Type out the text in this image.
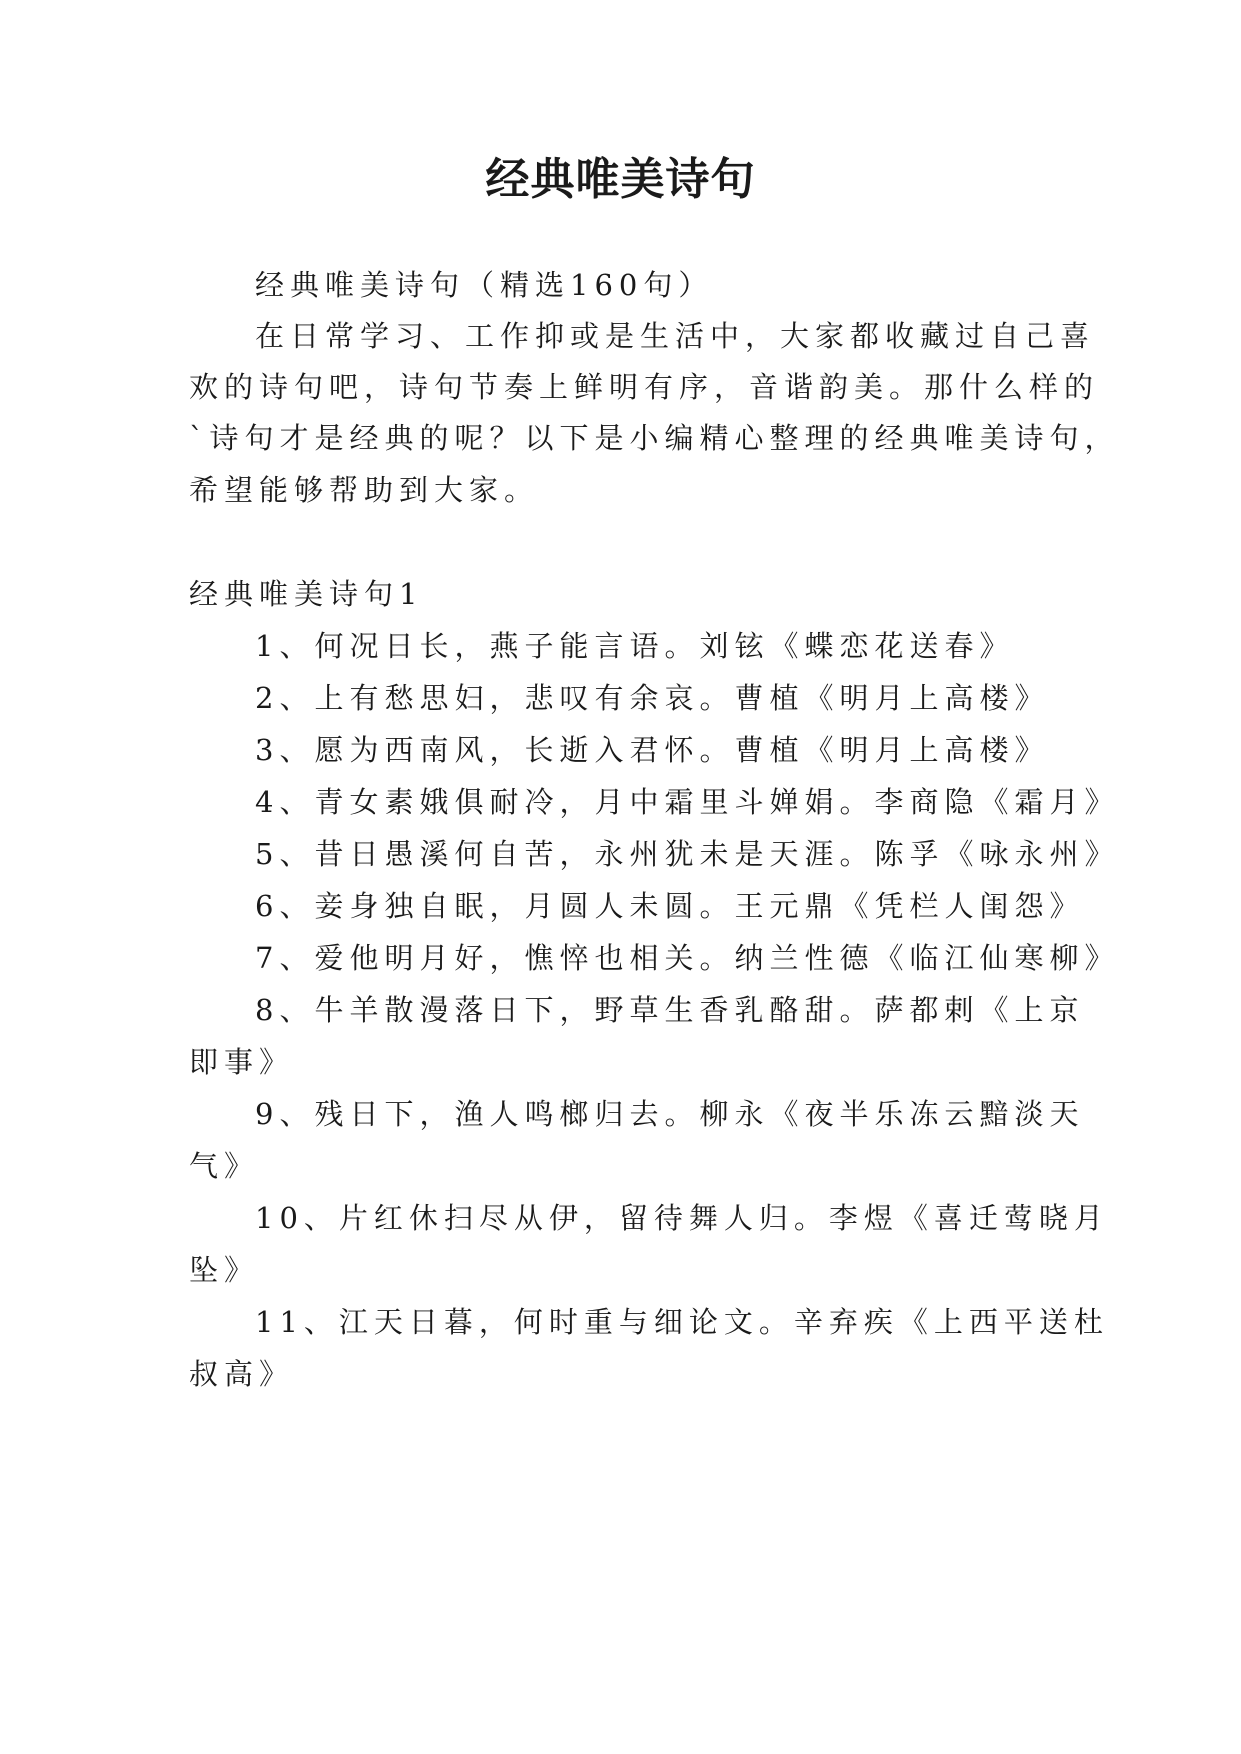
经典唯美诗句
经典唯美诗句（精选160句）
在日常学习、工作抑或是生活中，大家都收藏过自己喜
欢的诗句吧，诗句节奏上鲜明有序，音谐韵美。那什么样的
`诗句才是经典的呢？以下是小编精心整理的经典唯美诗句，
希望能够帮助到大家。
经典唯美诗句1
1、何况日长，燕子能言语。刘铉《蝶恋花送春》
2、上有愁思妇，悲叹有余哀。曹植《明月上高楼》
3、愿为西南风，长逝入君怀。曹植《明月上高楼》
4、青女素娥俱耐冷，月中霜里斗婵娟。李商隐《霜月》
5、昔日愚溪何自苦，永州犹未是天涯。陈孚《咏永州》
6、妾身独自眠，月圆人未圆。王元鼎《凭栏人闺怨》
7、爱他明月好，憔悴也相关。纳兰性德《临江仙寒柳》
8、牛羊散漫落日下，野草生香乳酪甜。萨都剌《上京
即事》
9、残日下，渔人鸣榔归去。柳永《夜半乐冻云黯淡天
气》
10、片红休扫尽从伊，留待舞人归。李煜《喜迁莺晓月
坠》
11、江天日暮，何时重与细论文。辛弃疾《上西平送杜
叔高》
